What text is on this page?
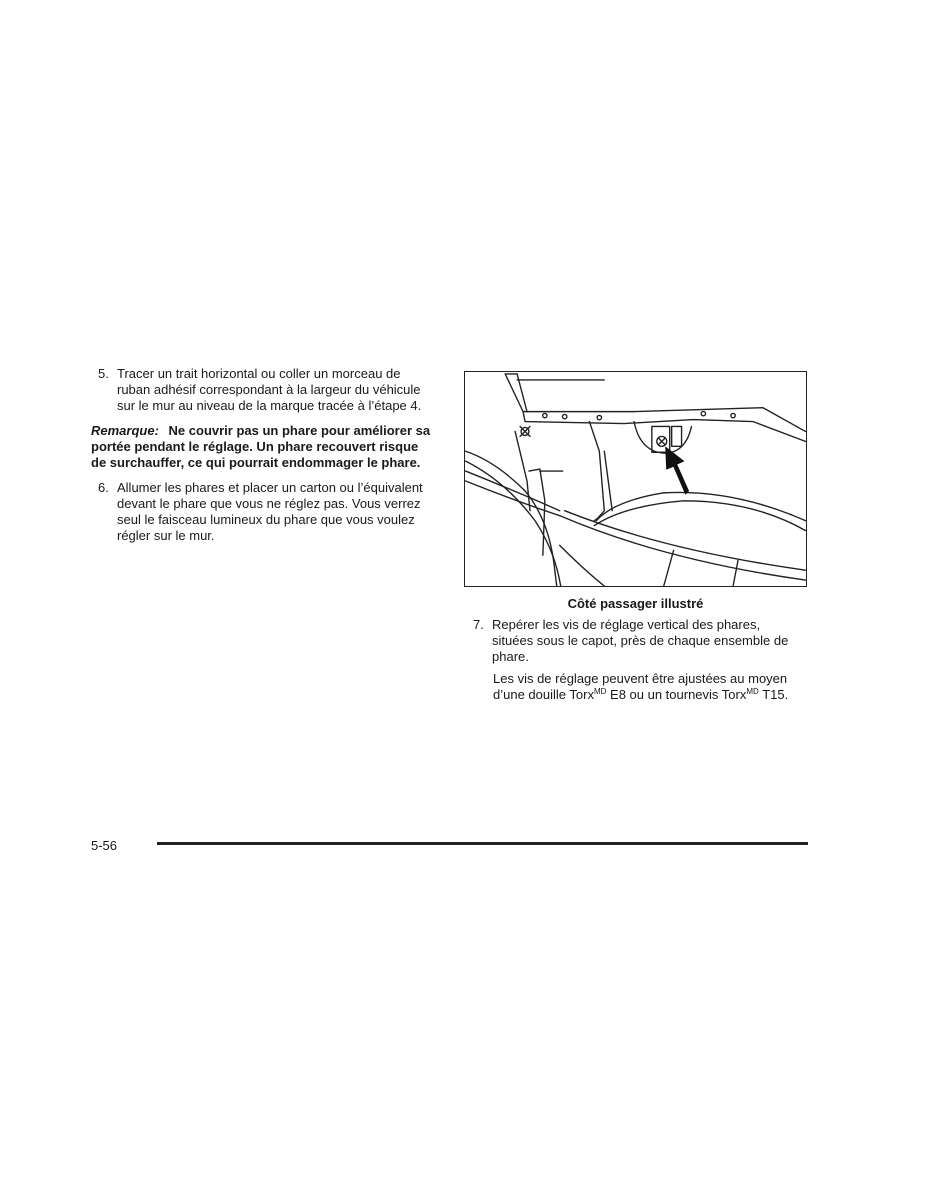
5. Tracer un trait horizontal ou coller un morceau de ruban adhésif correspondant à la largeur du véhicule sur le mur au niveau de la marque tracée à l’étape 4.
Remarque: Ne couvrir pas un phare pour améliorer sa portée pendant le réglage. Un phare recouvert risque de surchauffer, ce qui pourrait endommager le phare.
6. Allumer les phares et placer un carton ou l’équivalent devant le phare que vous ne réglez pas. Vous verrez seul le faisceau lumineux du phare que vous voulez régler sur le mur.
Côté passager illustré
7. Repérer les vis de réglage vertical des phares, situées sous le capot, près de chaque ensemble de phare.

Les vis de réglage peuvent être ajustées au moyen d’une douille Torx$^{MD}$ E8 ou un tournevis Torx$^{MD}$ T15.

5-56
